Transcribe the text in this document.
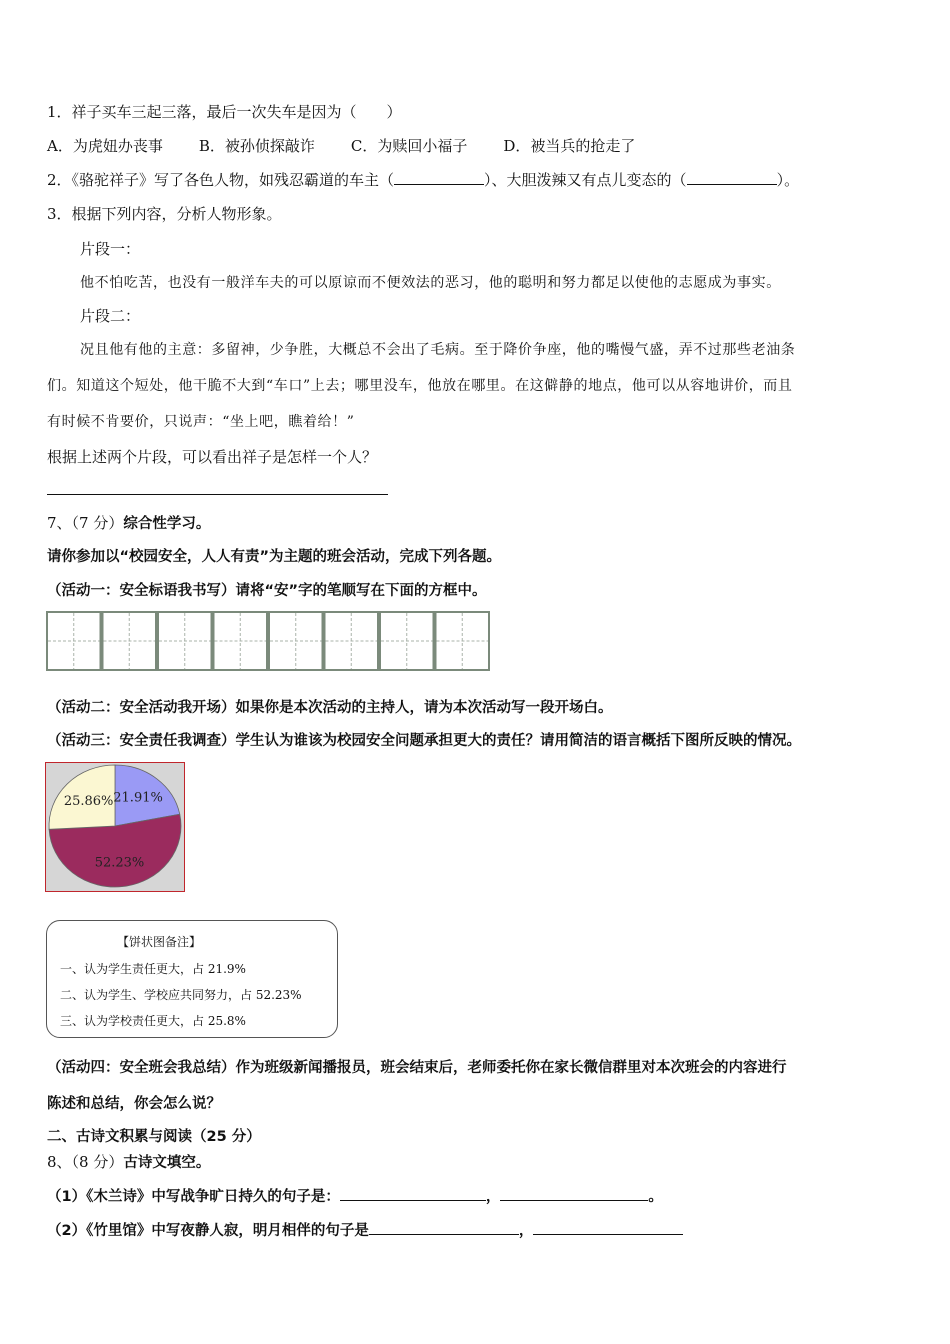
1．祥子买车三起三落，最后一次失车是因为（　　）
A．为虎妞办丧事 B．被孙侦探敲诈 C．为赎回小福子 D．被当兵的抢走了
2．《骆驼祥子》写了各色人物，如残忍霸道的车主（	）、大胆泼辣又有点儿变态的（	）。
3．根据下列内容，分析人物形象。
片段一：
他不怕吃苦，也没有一般洋车夫的可以原谅而不便效法的恶习，他的聪明和努力都足以使他的志愿成为事实。
片段二：
况且他有他的主意：多留神，少争胜，大概总不会出了毛病。至于降价争座，他的嘴慢气盛，弄不过那些老油条
们。知道这个短处，他干脆不大到“车口”上去；哪里没车，他放在哪里。在这僻静的地点，他可以从容地讲价，而且
有时候不肯要价，只说声：“坐上吧，瞧着给！”
根据上述两个片段，可以看出祥子是怎样一个人？
7、（7 分）综合性学习。
请你参加以“校园安全，人人有责”为主题的班会活动，完成下列各题。
（活动一：安全标语我书写）请将“安”字的笔顺写在下面的方框中。
（活动二：安全活动我开场）如果你是本次活动的主持人，请为本次活动写一段开场白。
（活动三：安全责任我调查）学生认为谁该为校园安全问题承担更大的责任？请用简洁的语言概括下图所反映的情况。
21.91%
52.23%
25.86%
【饼状图备注】
一、认为学生责任更大，占 21.9%
二、认为学生、学校应共同努力，占 52.23%
三、认为学校责任更大，占 25.8%
（活动四：安全班会我总结）作为班级新闻播报员，班会结束后，老师委托你在家长微信群里对本次班会的内容进行
陈述和总结，你会怎么说？
二、古诗文积累与阅读（25 分）
8、（8 分）古诗文填空。
（1）《木兰诗》中写战争旷日持久的句子是：	，	。
（2）《竹里馆》中写夜静人寂，明月相伴的句子是	，
